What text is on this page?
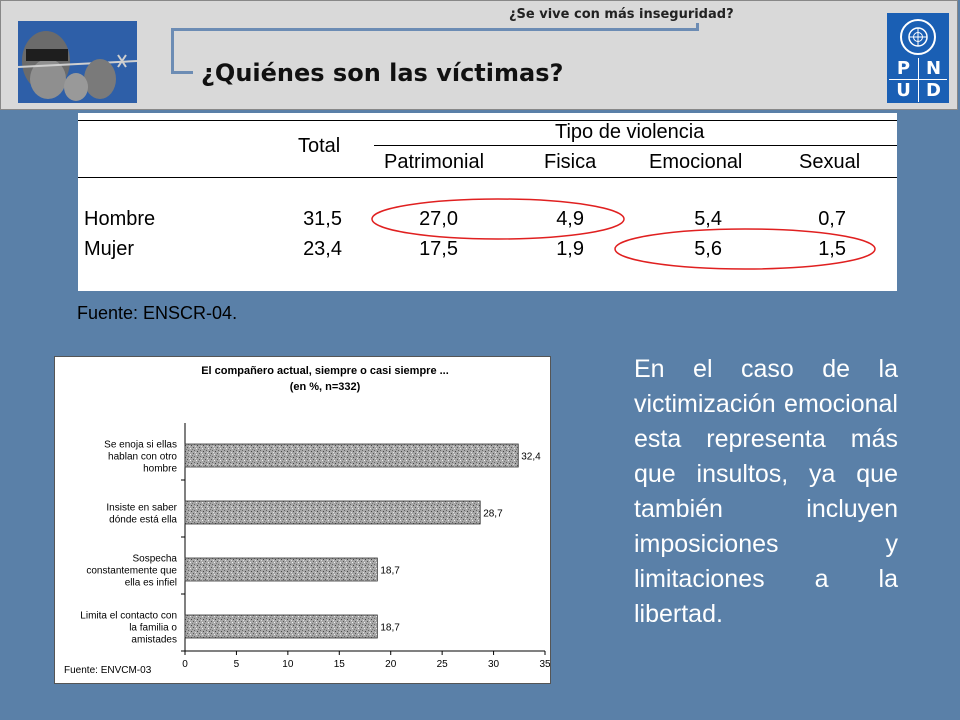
¿Se vive con más inseguridad?
¿Quiénes son las víctimas?	P N
U D
Total
Tipo de violencia
Patrimonial	Fisica	Emocional	Sexual
Hombre	31,5	27,0	4,9	5,4	0,7
Mujer	23,4	17,5	1,9	5,6	1,5
Fuente: ENSCR-04.
El compañero actual, siempre o casi siempre ...
(en %, n=332)
Fuente: ENVCM-03
0	5	10	15	20	25	30	35
32,4
Se enoja si ellas hablan con otro hombre
28,7
Insiste en saber dónde está ella
18,7
Sospecha constantemente que ella es infiel
18,7
Limita el contacto con la familia o amistades
En el caso de la victimización emocional esta representa más que insultos, ya que también incluyen imposiciones y limitaciones a la libertad.
